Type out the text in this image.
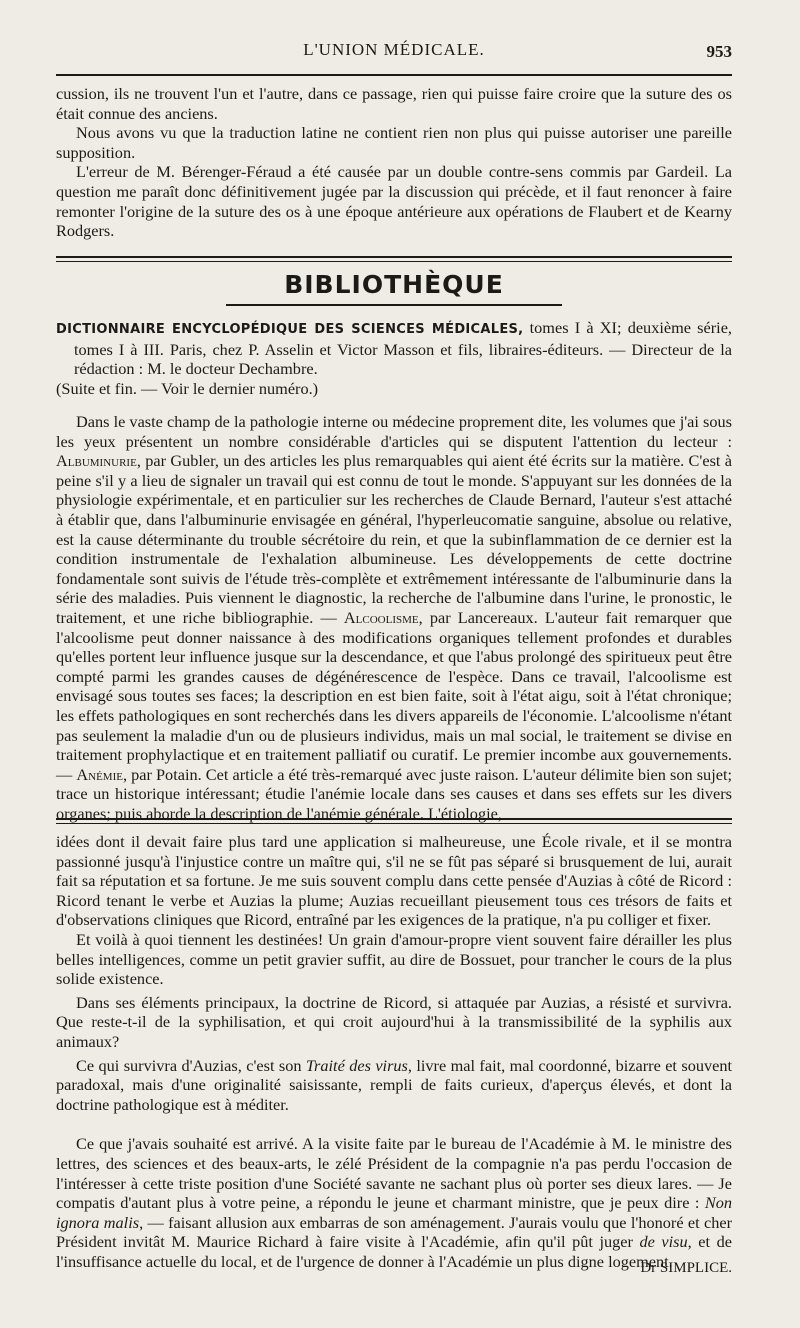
L'UNION MÉDICALE.	953

cussion, ils ne trouvent l'un et l'autre, dans ce passage, rien qui puisse faire croire que la suture des os était connue des anciens.

Nous avons vu que la traduction latine ne contient rien non plus qui puisse autoriser une pareille supposition.

L'erreur de M. Bérenger-Féraud a été causée par un double contre-sens commis par Gardeil. La question me paraît donc définitivement jugée par la discussion qui précède, et il faut renoncer à faire remonter l'origine de la suture des os à une époque antérieure aux opérations de Flaubert et de Kearny Rodgers.

BIBLIOTHÈQUE

DICTIONNAIRE ENCYCLOPÉDIQUE DES SCIENCES MÉDICALES, tomes I à XI; deuxième série, tomes I à III. Paris, chez P. Asselin et Victor Masson et fils, libraires-éditeurs. — Directeur de la rédaction : M. le docteur Dechambre.

(Suite et fin. — Voir le dernier numéro.)

Dans le vaste champ de la pathologie interne ou médecine proprement dite, les volumes que j'ai sous les yeux présentent un nombre considérable d'articles qui se disputent l'attention du lecteur : Albuminurie, par Gubler, un des articles les plus remarquables qui aient été écrits sur la matière. C'est à peine s'il y a lieu de signaler un travail qui est connu de tout le monde. S'appuyant sur les données de la physiologie expérimentale, et en particulier sur les recherches de Claude Bernard, l'auteur s'est attaché à établir que, dans l'albuminurie envisagée en général, l'hyperleucomatie sanguine, absolue ou relative, est la cause déterminante du trouble sécrétoire du rein, et que la subinflammation de ce dernier est la condition instrumentale de l'exhalation albumineuse. Les développements de cette doctrine fondamentale sont suivis de l'étude très-complète et extrêmement intéressante de l'albuminurie dans la série des maladies. Puis viennent le diagnostic, la recherche de l'albumine dans l'urine, le pronostic, le traitement, et une riche bibliographie. — Alcoolisme, par Lancereaux. L'auteur fait remarquer que l'alcoolisme peut donner naissance à des modifications organiques tellement profondes et durables qu'elles portent leur influence jusque sur la descendance, et que l'abus prolongé des spiritueux peut être compté parmi les grandes causes de dégénérescence de l'espèce. Dans ce travail, l'alcoolisme est envisagé sous toutes ses faces; la description en est bien faite, soit à l'état aigu, soit à l'état chronique; les effets pathologiques en sont recherchés dans les divers appareils de l'économie. L'alcoolisme n'étant pas seulement la maladie d'un ou de plusieurs individus, mais un mal social, le traitement se divise en traitement prophylactique et en traitement palliatif ou curatif. Le premier incombe aux gouvernements. — Anémie, par Potain. Cet article a été très-remarqué avec juste raison. L'auteur délimite bien son sujet; trace un historique intéressant; étudie l'anémie locale dans ses causes et dans ses effets sur les divers organes; puis aborde la description de l'anémie générale. L'étiologie,

idées dont il devait faire plus tard une application si malheureuse, une École rivale, et il se montra passionné jusqu'à l'injustice contre un maître qui, s'il ne se fût pas séparé si brusquement de lui, aurait fait sa réputation et sa fortune. Je me suis souvent complu dans cette pensée d'Auzias à côté de Ricord : Ricord tenant le verbe et Auzias la plume; Auzias recueillant pieusement tous ces trésors de faits et d'observations cliniques que Ricord, entraîné par les exigences de la pratique, n'a pu colliger et fixer.

Et voilà à quoi tiennent les destinées! Un grain d'amour-propre vient souvent faire dérailler les plus belles intelligences, comme un petit gravier suffit, au dire de Bossuet, pour trancher le cours de la plus solide existence.

Dans ses éléments principaux, la doctrine de Ricord, si attaquée par Auzias, a résisté et survivra. Que reste-t-il de la syphilisation, et qui croit aujourd'hui à la transmissibilité de la syphilis aux animaux?

Ce qui survivra d'Auzias, c'est son Traité des virus, livre mal fait, mal coordonné, bizarre et souvent paradoxal, mais d'une originalité saisissante, rempli de faits curieux, d'aperçus élevés, et dont la doctrine pathologique est à méditer.

Ce que j'avais souhaité est arrivé. A la visite faite par le bureau de l'Académie à M. le ministre des lettres, des sciences et des beaux-arts, le zélé Président de la compagnie n'a pas perdu l'occasion de l'intéresser à cette triste position d'une Société savante ne sachant plus où porter ses dieux lares. — Je compatis d'autant plus à votre peine, a répondu le jeune et charmant ministre, que je peux dire : Non ignora malis, — faisant allusion aux embarras de son aménagement. J'aurais voulu que l'honoré et cher Président invitât M. Maurice Richard à faire visite à l'Académie, afin qu'il pût juger de visu, et de l'insuffisance actuelle du local, et de l'urgence de donner à l'Académie un plus digne logement.

Dr SIMPLICE.
